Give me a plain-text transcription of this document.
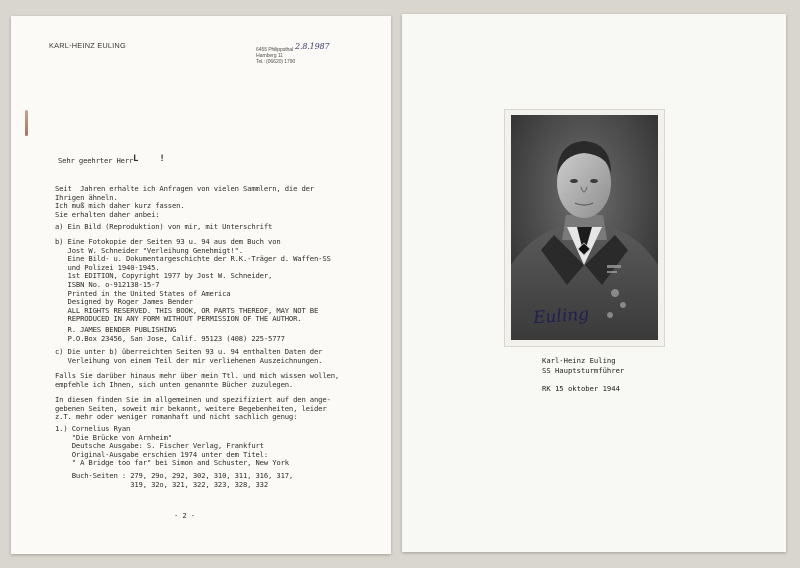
KARL-HEINZ EULING	6455 Philippsthal
Harnberg 11
Tel.: (06620) 1790
2.8.1987
Sehr geehrter Herr L    !
Seit  Jahren erhalte ich Anfragen von vielen Sammlern, die der
Ihrigen ähneln.
Ich muß mich daher kurz fassen.
Sie erhalten daher anbei:
a) Ein Bild (Reproduktion) von mir, mit Unterschrift
b) Eine Fotokopie der Seiten 93 u. 94 aus dem Buch von
Jost W. Schneider "Verleihung Genehmigt!".
Eine Bild- u. Dokumentargeschichte der R.K.-Träger d. Waffen-SS
und Polizei 1940-1945.
1st EDITION, Copyright 1977 by Jost W. Schneider,
ISBN No. o-912138-15-7
Printed in the United States of America
Designed by Roger James Bender
ALL RIGHTS RESERVED. THIS BOOK, OR PARTS THEREOF, MAY NOT BE
REPRODUCED IN ANY FORM WITHOUT PERMISSION OF THE AUTHOR.
R. JAMES BENDER PUBLISHING
P.O.Box 23456, San Jose, Calif. 95123 (408) 225-5777
c) Die unter b) überreichten Seiten 93 u. 94 enthalten Daten der
Verleihung von einem Teil der mir verliehenen Auszeichnungen.
Falls Sie darüber hinaus mehr über mein Ttl. und mich wissen wollen,
empfehle ich Ihnen, sich unten genannte Bücher zuzulegen.
In diesen finden Sie im allgemeinen und spezifiziert auf den ange-
gebenen Seiten, soweit mir bekannt, weitere Begebenheiten, leider
z.T. mehr oder weniger romanhaft und nicht sachlich genug:
1.) Cornelius Ryan
"Die Brücke von Arnheim"
Deutsche Ausgabe: S. Fischer Verlag, Frankfurt
Original-Ausgabe erschien 1974 unter dem Titel:
" A Bridge too far" bei Simon and Schuster, New York
Buch-Seiten : 279, 29o, 292, 302, 310, 311, 316, 317,
319, 32o, 321, 322, 323, 328, 332
- 2 -
Euling
Karl-Heinz Euling
SS Hauptsturmführer
RK 15 oktober 1944
